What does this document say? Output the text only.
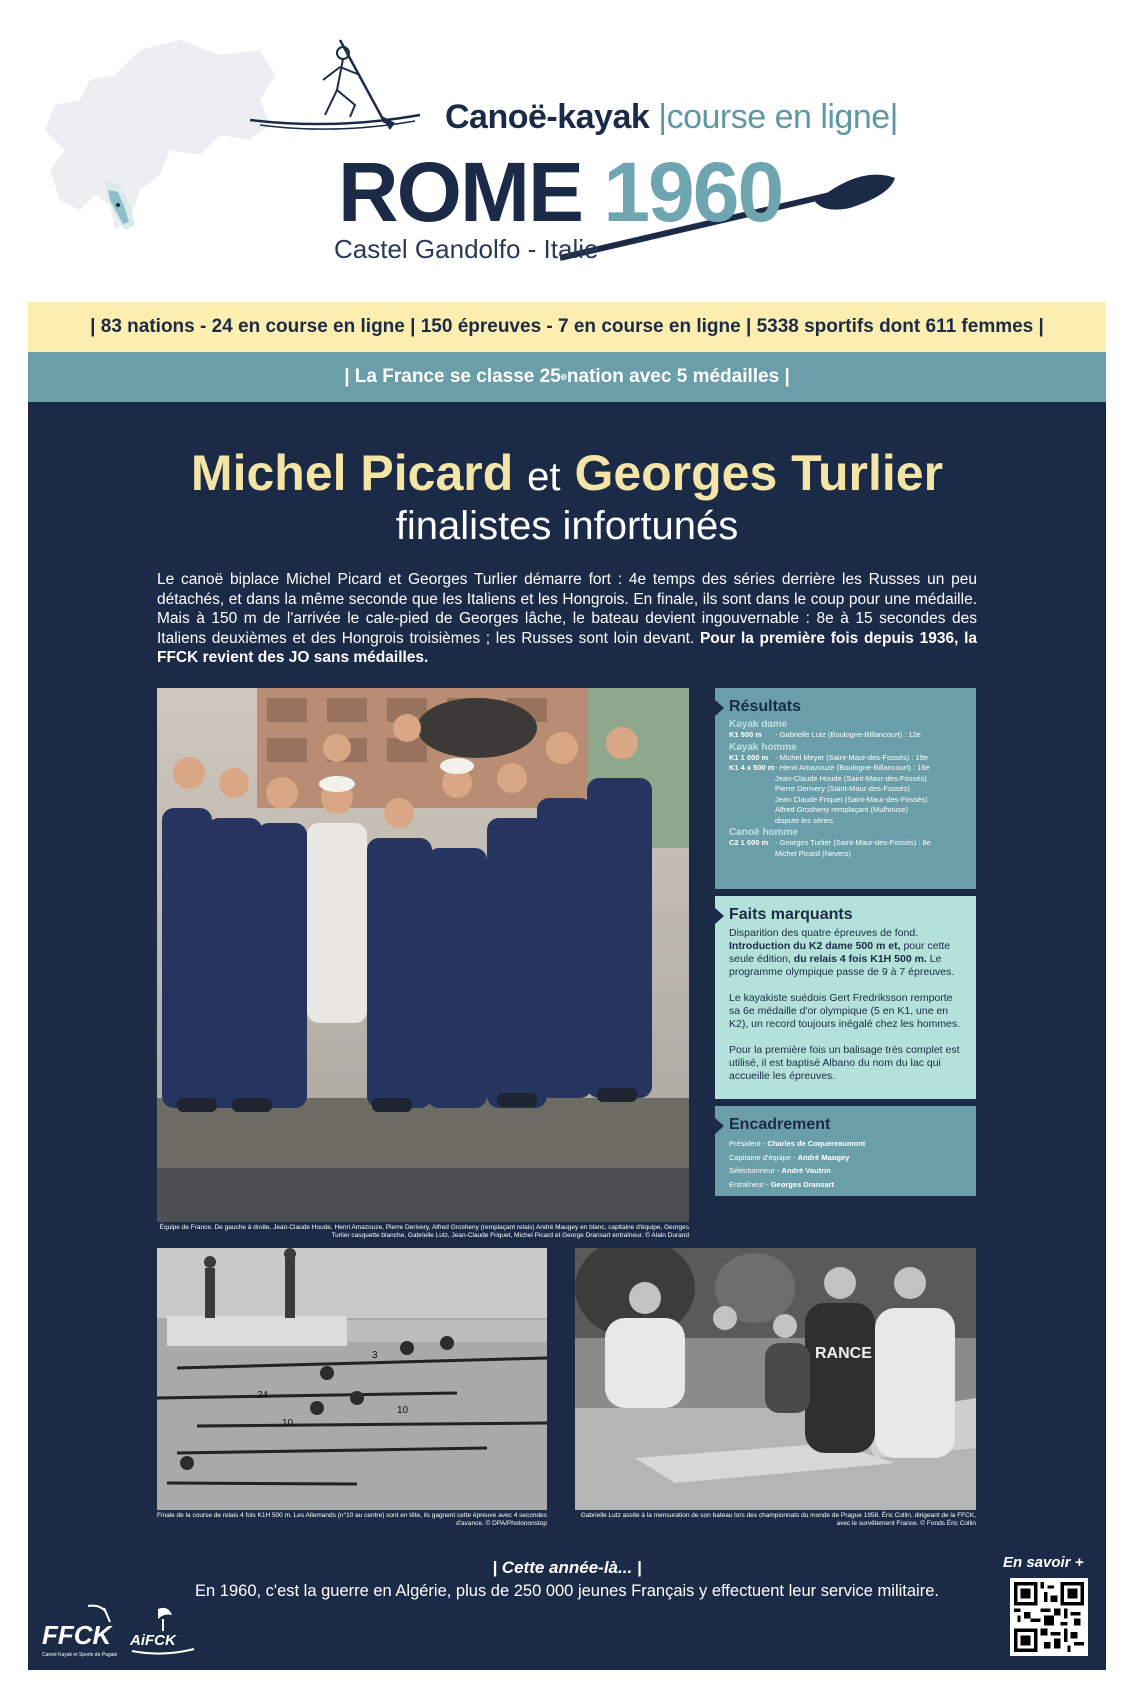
Canoë-kayak |course en ligne|
ROME 1960
Castel Gandolfo - Italie
| 83 nations - 24 en course en ligne | 150 épreuves - 7 en course en ligne | 5338 sportifs dont 611 femmes |
| La France se classe 25 e nation avec 5 médailles |
Michel Picard et Georges Turlier
finalistes infortunés
Le canoë biplace Michel Picard et Georges Turlier démarre fort : 4e temps des séries derrière les Russes un peu détachés, et dans la même seconde que les Italiens et les Hongrois. En finale, ils sont dans le coup pour une médaille. Mais à 150 m de l'arrivée le cale-pied de Georges lâche, le bateau devient ingouvernable : 8e à 15 secondes des Italiens deuxièmes et des Hongrois troisièmes ; les Russes sont loin devant. Pour la première fois depuis 1936, la FFCK revient des JO sans médailles.
Équipe de France. De gauche à droite, Jean-Claude Houde, Henri Amazouze, Pierre Derivery, Alfred Grosheny (remplaçant relais) André Maugey en blanc, capitaine d'équipe, Georges Turlier casquette blanche, Gabrielle Lutz, Jean-Claude Friquet, Michel Picard et George Dransart entraîneur. © Alain Durand
Résultats
Kayak dame
K1 500 m	- Gabrielle Lutz (Boulogne-Billancourt) : 12e
Kayak homme
K1 1 000 m - Michel Meyer (Saint-Maur-des-Fossés) : 19e
K1 4 x 500 m - Henri Amazouze (Boulogne-Billancourt) : 16e
Jean-Claude Houde (Saint-Maur-des-Fossés)
Pierre Derivery (Saint-Maur-des-Fossés)
Jean Claude Friquet (Saint-Maur-des-Fossés)
Alfred Grosheny remplaçant (Mulhouse)
dispute les séries
Canoë homme
C2 1 000 m - Georges Turlier (Saint-Maur-des-Fossés) : 8e
Michel Picard (Nevers)
Faits marquants

Disparition des quatre épreuves de fond. Introduction du K2 dame 500 m et, pour cette seule édition, du relais 4 fois K1H 500 m. Le programme olympique passe de 9 à 7 épreuves.

Le kayakiste suédois Gert Fredriksson remporte sa 6e médaille d'or olympique (5 en K1, une en K2), un record toujours inégalé chez les hommes.

Pour la première fois un balisage très complet est utilisé, il est baptisé Albano du nom du lac qui accueille les épreuves.

Encadrement
Président - Charles de Coquereaumont
Capitaine d'équipe - André Maugey
Sélectionneur - André Vautrin
Entraîneur - Georges Dransart
3
24
10
10
Finale de la course de relais 4 fois K1H 500 m. Les Allemands (n°10 au centre) sont en tête, ils gagnent cette épreuve avec 4 secondes d'avance. © DPA/Photononstop
RANCE
Gabrielle Lutz assite à la mensuration de son bateau lors des championnats du monde de Prague 1958. Éric Collin, dirigeant de la FFCK, avec le survêtement France. © Fonds Éric Collin
| Cette année-là... |
En 1960, c'est la guerre en Algérie, plus de 250 000 jeunes Français y effectuent leur service militaire.
En savoir +
FFCK
Canoë Kayak et Sports de Pagaie
AiFCK
